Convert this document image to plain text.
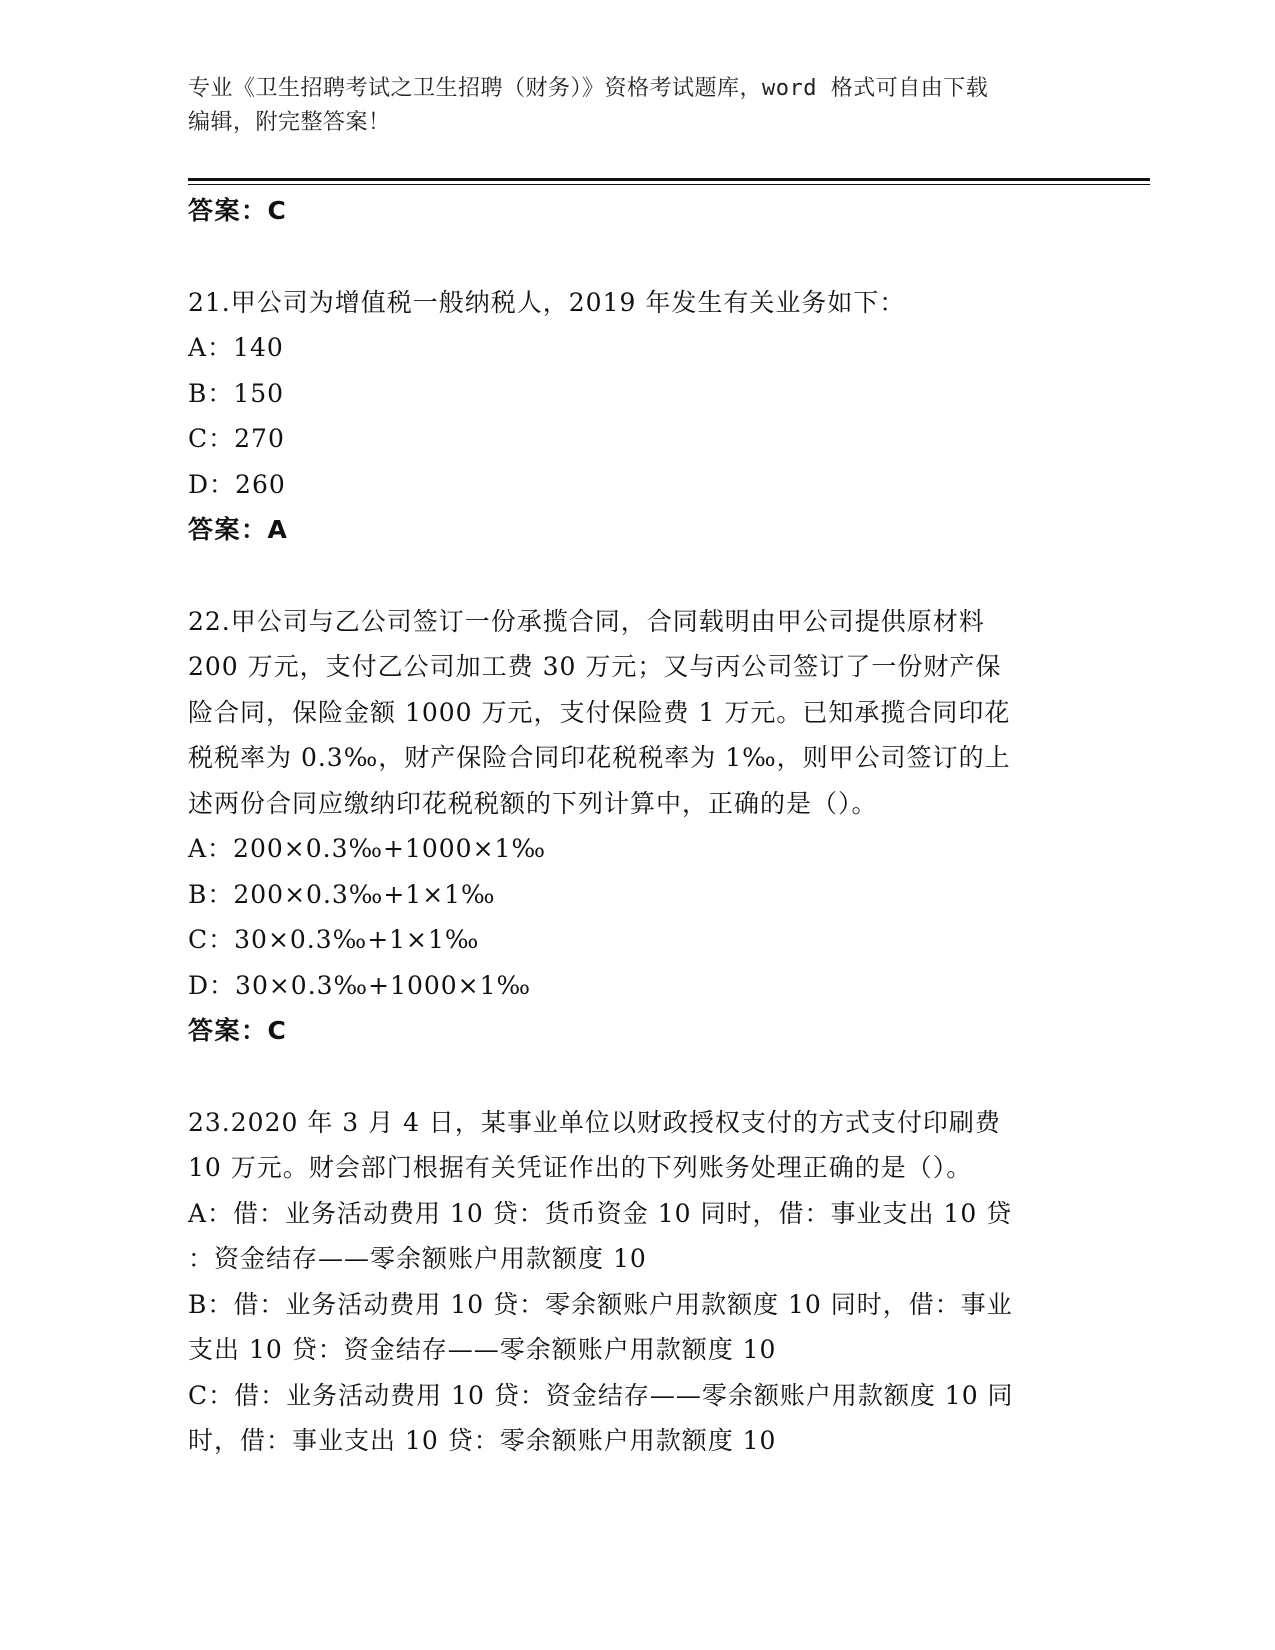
专业《卫生招聘考试之卫生招聘（财务）》资格考试题库，word 格式可自由下载
编辑，附完整答案！
答案：C
21.甲公司为增值税一般纳税人，2019 年发生有关业务如下：
A：140
B：150
C：270
D：260
答案：A
22.甲公司与乙公司签订一份承揽合同，合同载明由甲公司提供原材料
200 万元，支付乙公司加工费 30 万元；又与丙公司签订了一份财产保
险合同，保险金额 1000 万元，支付保险费 1 万元。已知承揽合同印花
税税率为 0.3‰，财产保险合同印花税税率为 1‰，则甲公司签订的上
述两份合同应缴纳印花税税额的下列计算中，正确的是（）。
A：200×0.3‰+1000×1‰
B：200×0.3‰+1×1‰
C：30×0.3‰+1×1‰
D：30×0.3‰+1000×1‰
答案：C
23.2020 年 3 月 4 日，某事业单位以财政授权支付的方式支付印刷费
10 万元。财会部门根据有关凭证作出的下列账务处理正确的是（）。
A：借：业务活动费用 10 贷：货币资金 10 同时，借：事业支出 10 贷
：资金结存——零余额账户用款额度 10
B：借：业务活动费用 10 贷：零余额账户用款额度 10 同时，借：事业
支出 10 贷：资金结存——零余额账户用款额度 10
C：借：业务活动费用 10 贷：资金结存——零余额账户用款额度 10 同
时，借：事业支出 10 贷：零余额账户用款额度 10
